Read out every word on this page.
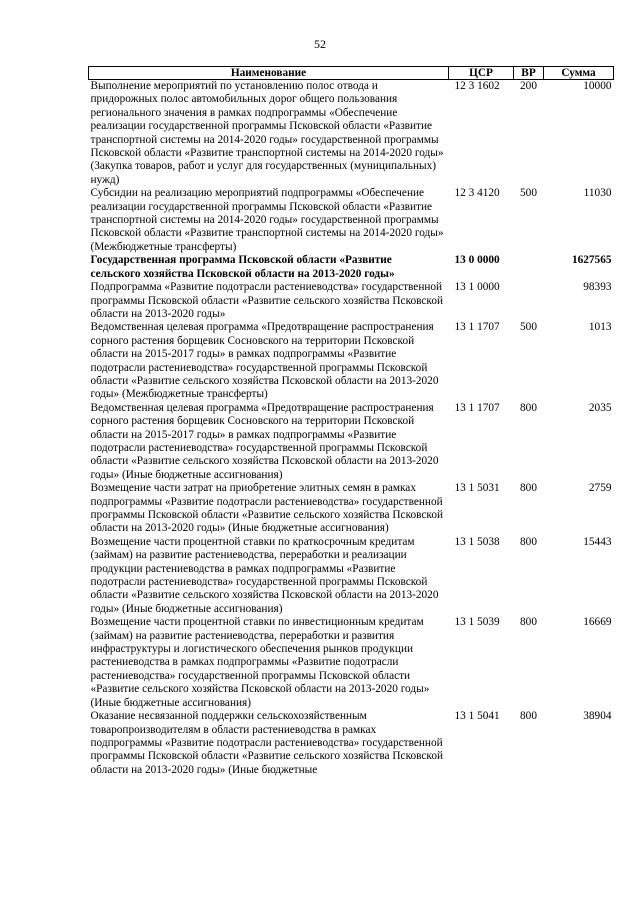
52
Наименование	ЦСР	ВР	Сумма
Выполнение мероприятий по установлению полос отвода и придорожных полос автомобильных дорог общего пользования регионального значения в рамках подпрограммы «Обеспечение реализации государственной программы Псковской области «Развитие транспортной системы на 2014-2020 годы» государственной программы Псковской области «Развитие транспортной системы на 2014-2020 годы» (Закупка товаров, работ и услуг для государственных (муниципальных) нужд)	12 3 1602	200	10000
Субсидии на реализацию мероприятий подпрограммы «Обеспечение реализации государственной программы Псковской области «Развитие транспортной системы на 2014-2020 годы» государственной программы Псковской области «Развитие транспортной системы на 2014-2020 годы» (Межбюджетные трансферты)	12 3 4120	500	11030
Государственная программа Псковской области «Развитие сельского хозяйства Псковской области на 2013-2020 годы»	13 0 0000		1627565
Подпрограмма «Развитие подотрасли растениеводства» государственной программы Псковской области «Развитие сельского хозяйства Псковской области на 2013-2020 годы»	13 1 0000		98393
Ведомственная целевая программа «Предотвращение распространения сорного растения борщевик Сосновского на территории Псковской области на 2015-2017 годы» в рамках подпрограммы «Развитие подотрасли растениеводства» государственной программы Псковской области «Развитие сельского хозяйства Псковской области на 2013-2020 годы» (Межбюджетные трансферты)	13 1 1707	500	1013
Ведомственная целевая программа «Предотвращение распространения сорного растения борщевик Сосновского на территории Псковской области на 2015-2017 годы» в рамках подпрограммы «Развитие подотрасли растениеводства» государственной программы Псковской области «Развитие сельского хозяйства Псковской области на 2013-2020 годы» (Иные бюджетные ассигнования)	13 1 1707	800	2035
Возмещение части затрат на приобретение элитных семян в рамках подпрограммы «Развитие подотрасли растениеводства» государственной программы Псковской области «Развитие сельского хозяйства Псковской области на 2013-2020 годы» (Иные бюджетные ассигнования)	13 1 5031	800	2759
Возмещение части процентной ставки по краткосрочным кредитам (займам) на развитие растениеводства, переработки и реализации продукции растениеводства в рамках подпрограммы «Развитие подотрасли растениеводства» государственной программы Псковской области «Развитие сельского хозяйства Псковской области на 2013-2020 годы» (Иные бюджетные ассигнования)	13 1 5038	800	15443
Возмещение части процентной ставки по инвестиционным кредитам (займам) на развитие растениеводства, переработки и развития инфраструктуры и логистического обеспечения рынков продукции растениеводства в рамках подпрограммы «Развитие подотрасли растениеводства» государственной программы Псковской области «Развитие сельского хозяйства Псковской области на 2013-2020 годы» (Иные бюджетные ассигнования)	13 1 5039	800	16669
Оказание несвязанной поддержки сельскохозяйственным товаропроизводителям в области растениеводства в рамках подпрограммы «Развитие подотрасли растениеводства» государственной программы Псковской области «Развитие сельского хозяйства Псковской области на 2013-2020 годы» (Иные бюджетные	13 1 5041	800	38904
